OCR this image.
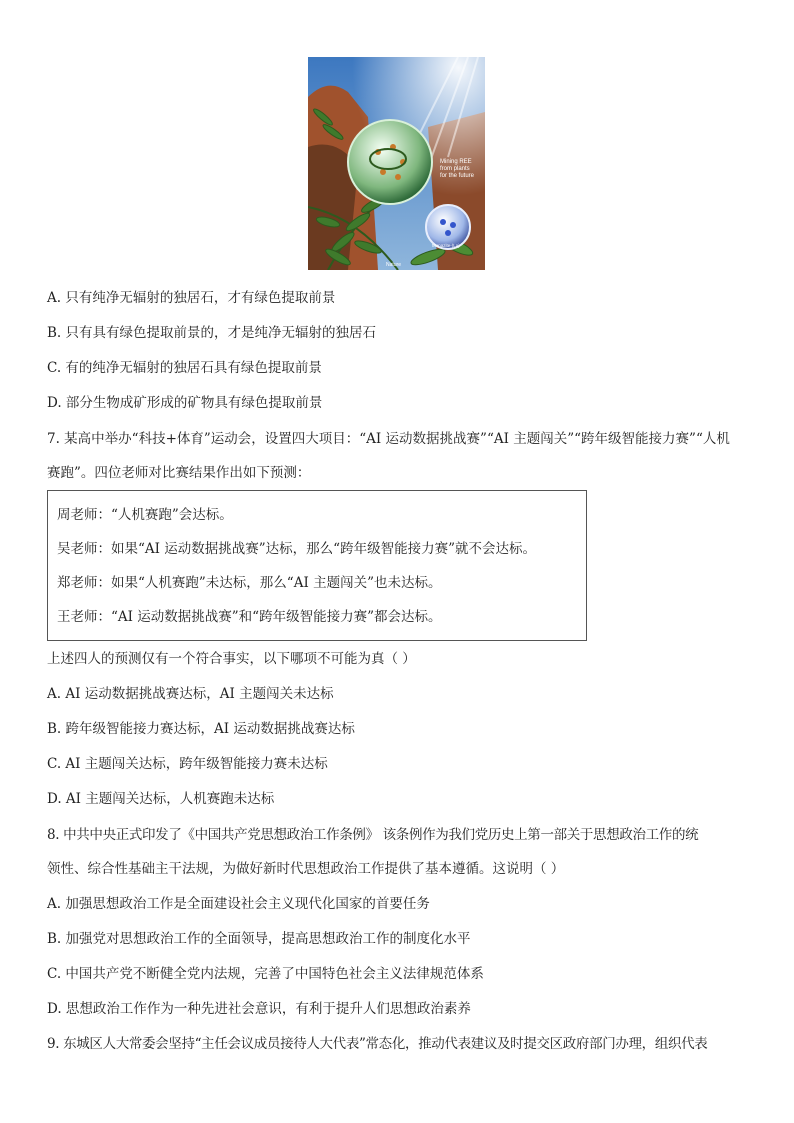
Mining REE
from plants
for the future
Monazite-(La)
Nature
A. 只有纯净无辐射的独居石，才有绿色提取前景
B. 只有具有绿色提取前景的，才是纯净无辐射的独居石
C. 有的纯净无辐射的独居石具有绿色提取前景
D. 部分生物成矿形成的矿物具有绿色提取前景
7. 某高中举办“科技+体育”运动会，设置四大项目：“AI 运动数据挑战赛”“AI 主题闯关”“跨年级智能接力赛”“人机
赛跑”。四位老师对比赛结果作出如下预测：
周老师：“人机赛跑”会达标。
吴老师：如果“AI 运动数据挑战赛”达标，那么“跨年级智能接力赛”就不会达标。
郑老师：如果“人机赛跑”未达标，那么“AI 主题闯关”也未达标。
王老师：“AI 运动数据挑战赛”和“跨年级智能接力赛”都会达标。
上述四人的预测仅有一个符合事实，以下哪项不可能为真（ ）
A. AI 运动数据挑战赛达标，AI 主题闯关未达标
B. 跨年级智能接力赛达标，AI 运动数据挑战赛达标
C. AI 主题闯关达标，跨年级智能接力赛未达标
D. AI 主题闯关达标，人机赛跑未达标
8. 中共中央正式印发了《中国共产党思想政治工作条例》 该条例作为我们党历史上第一部关于思想政治工作的统
领性、综合性基础主干法规，为做好新时代思想政治工作提供了基本遵循。这说明（ ）
A. 加强思想政治工作是全面建设社会主义现代化国家的首要任务
B. 加强党对思想政治工作的全面领导，提高思想政治工作的制度化水平
C. 中国共产党不断健全党内法规，完善了中国特色社会主义法律规范体系
D. 思想政治工作作为一种先进社会意识，有利于提升人们思想政治素养
9. 东城区人大常委会坚持“主任会议成员接待人大代表”常态化，推动代表建议及时提交区政府部门办理，组织代表
